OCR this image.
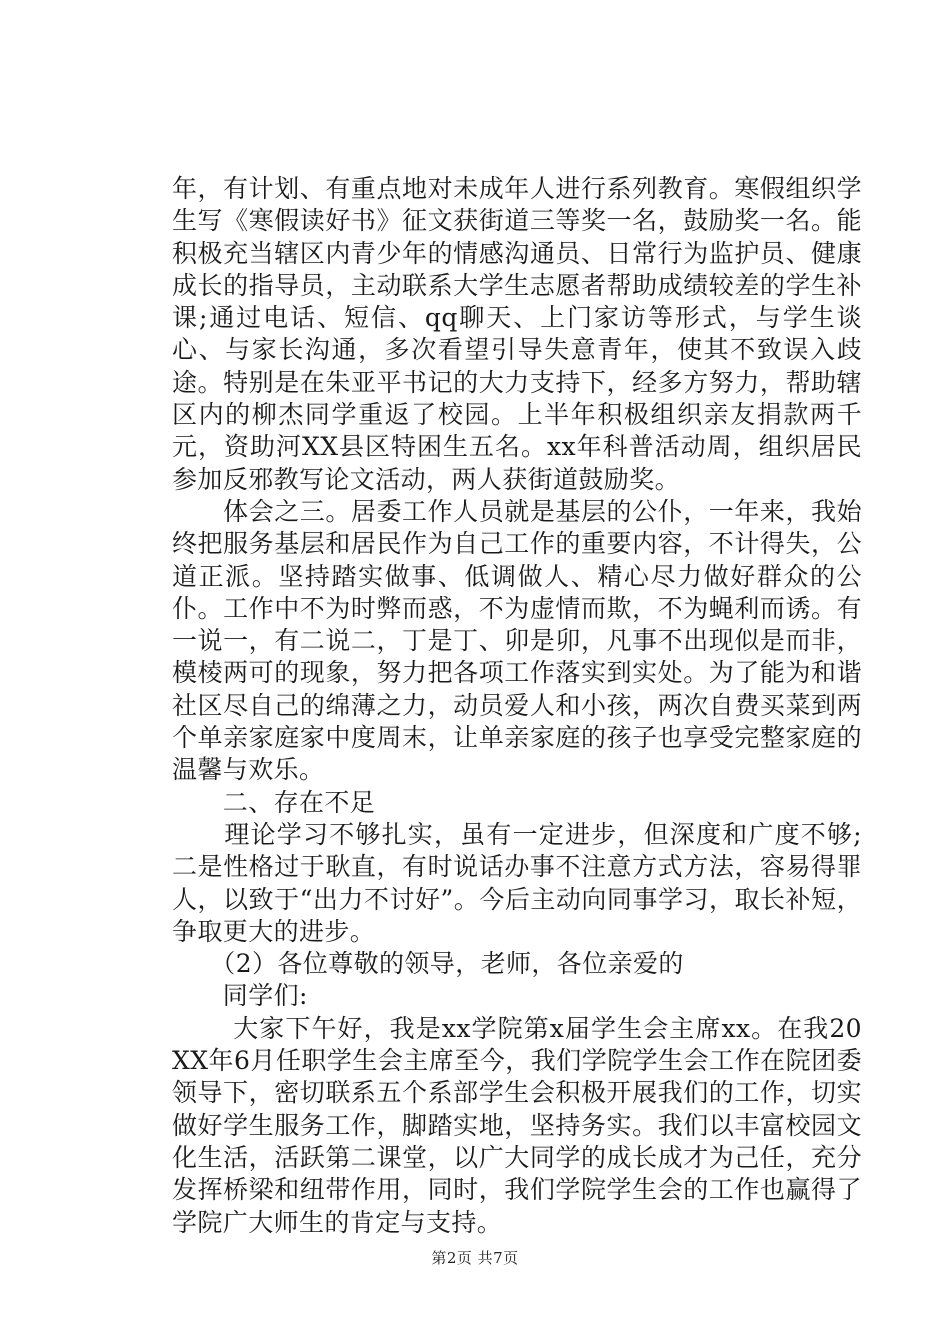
年，有计划、有重点地对未成年人进行系列教育。寒假组织学生写《寒假读好书》征文获街道三等奖一名，鼓励奖一名。能积极充当辖区内青少年的情感沟通员、日常行为监护员、健康成长的指导员，主动联系大学生志愿者帮助成绩较差的学生补课;通过电话、短信、qq聊天、上门家访等形式，与学生谈心、与家长沟通，多次看望引导失意青年，使其不致误入歧途。特别是在朱亚平书记的大力支持下，经多方努力，帮助辖区内的柳杰同学重返了校园。上半年积极组织亲友捐款两千元，资助河XX县区特困生五名。xx年科普活动周，组织居民参加反邪教写论文活动，两人获街道鼓励奖。

　　体会之三。居委工作人员就是基层的公仆，一年来，我始终把服务基层和居民作为自己工作的重要内容，不计得失，公道正派。坚持踏实做事、低调做人、精心尽力做好群众的公仆。工作中不为时弊而惑，不为虚情而欺，不为蝇利而诱。有一说一，有二说二，丁是丁、卯是卯，凡事不出现似是而非，模棱两可的现象，努力把各项工作落实到实处。为了能为和谐社区尽自己的绵薄之力，动员爱人和小孩，两次自费买菜到两个单亲家庭家中度周末，让单亲家庭的孩子也享受完整家庭的温馨与欢乐。

　　二、存在不足

　　理论学习不够扎实，虽有一定进步，但深度和广度不够;二是性格过于耿直，有时说话办事不注意方式方法，容易得罪人，以致于“出力不讨好”。今后主动向同事学习，取长补短，争取更大的进步。

　　（2）各位尊敬的领导，老师，各位亲爱的

　　同学们:

　　 大家下午好，我是xx学院第x届学生会主席xx。在我20XX年6月任职学生会主席至今，我们学院学生会工作在院团委领导下，密切联系五个系部学生会积极开展我们的工作，切实做好学生服务工作，脚踏实地，坚持务实。我们以丰富校园文化生活，活跃第二课堂，以广大同学的成长成才为己任，充分发挥桥梁和纽带作用，同时，我们学院学生会的工作也赢得了学院广大师生的肯定与支持。

第2页 共7页
